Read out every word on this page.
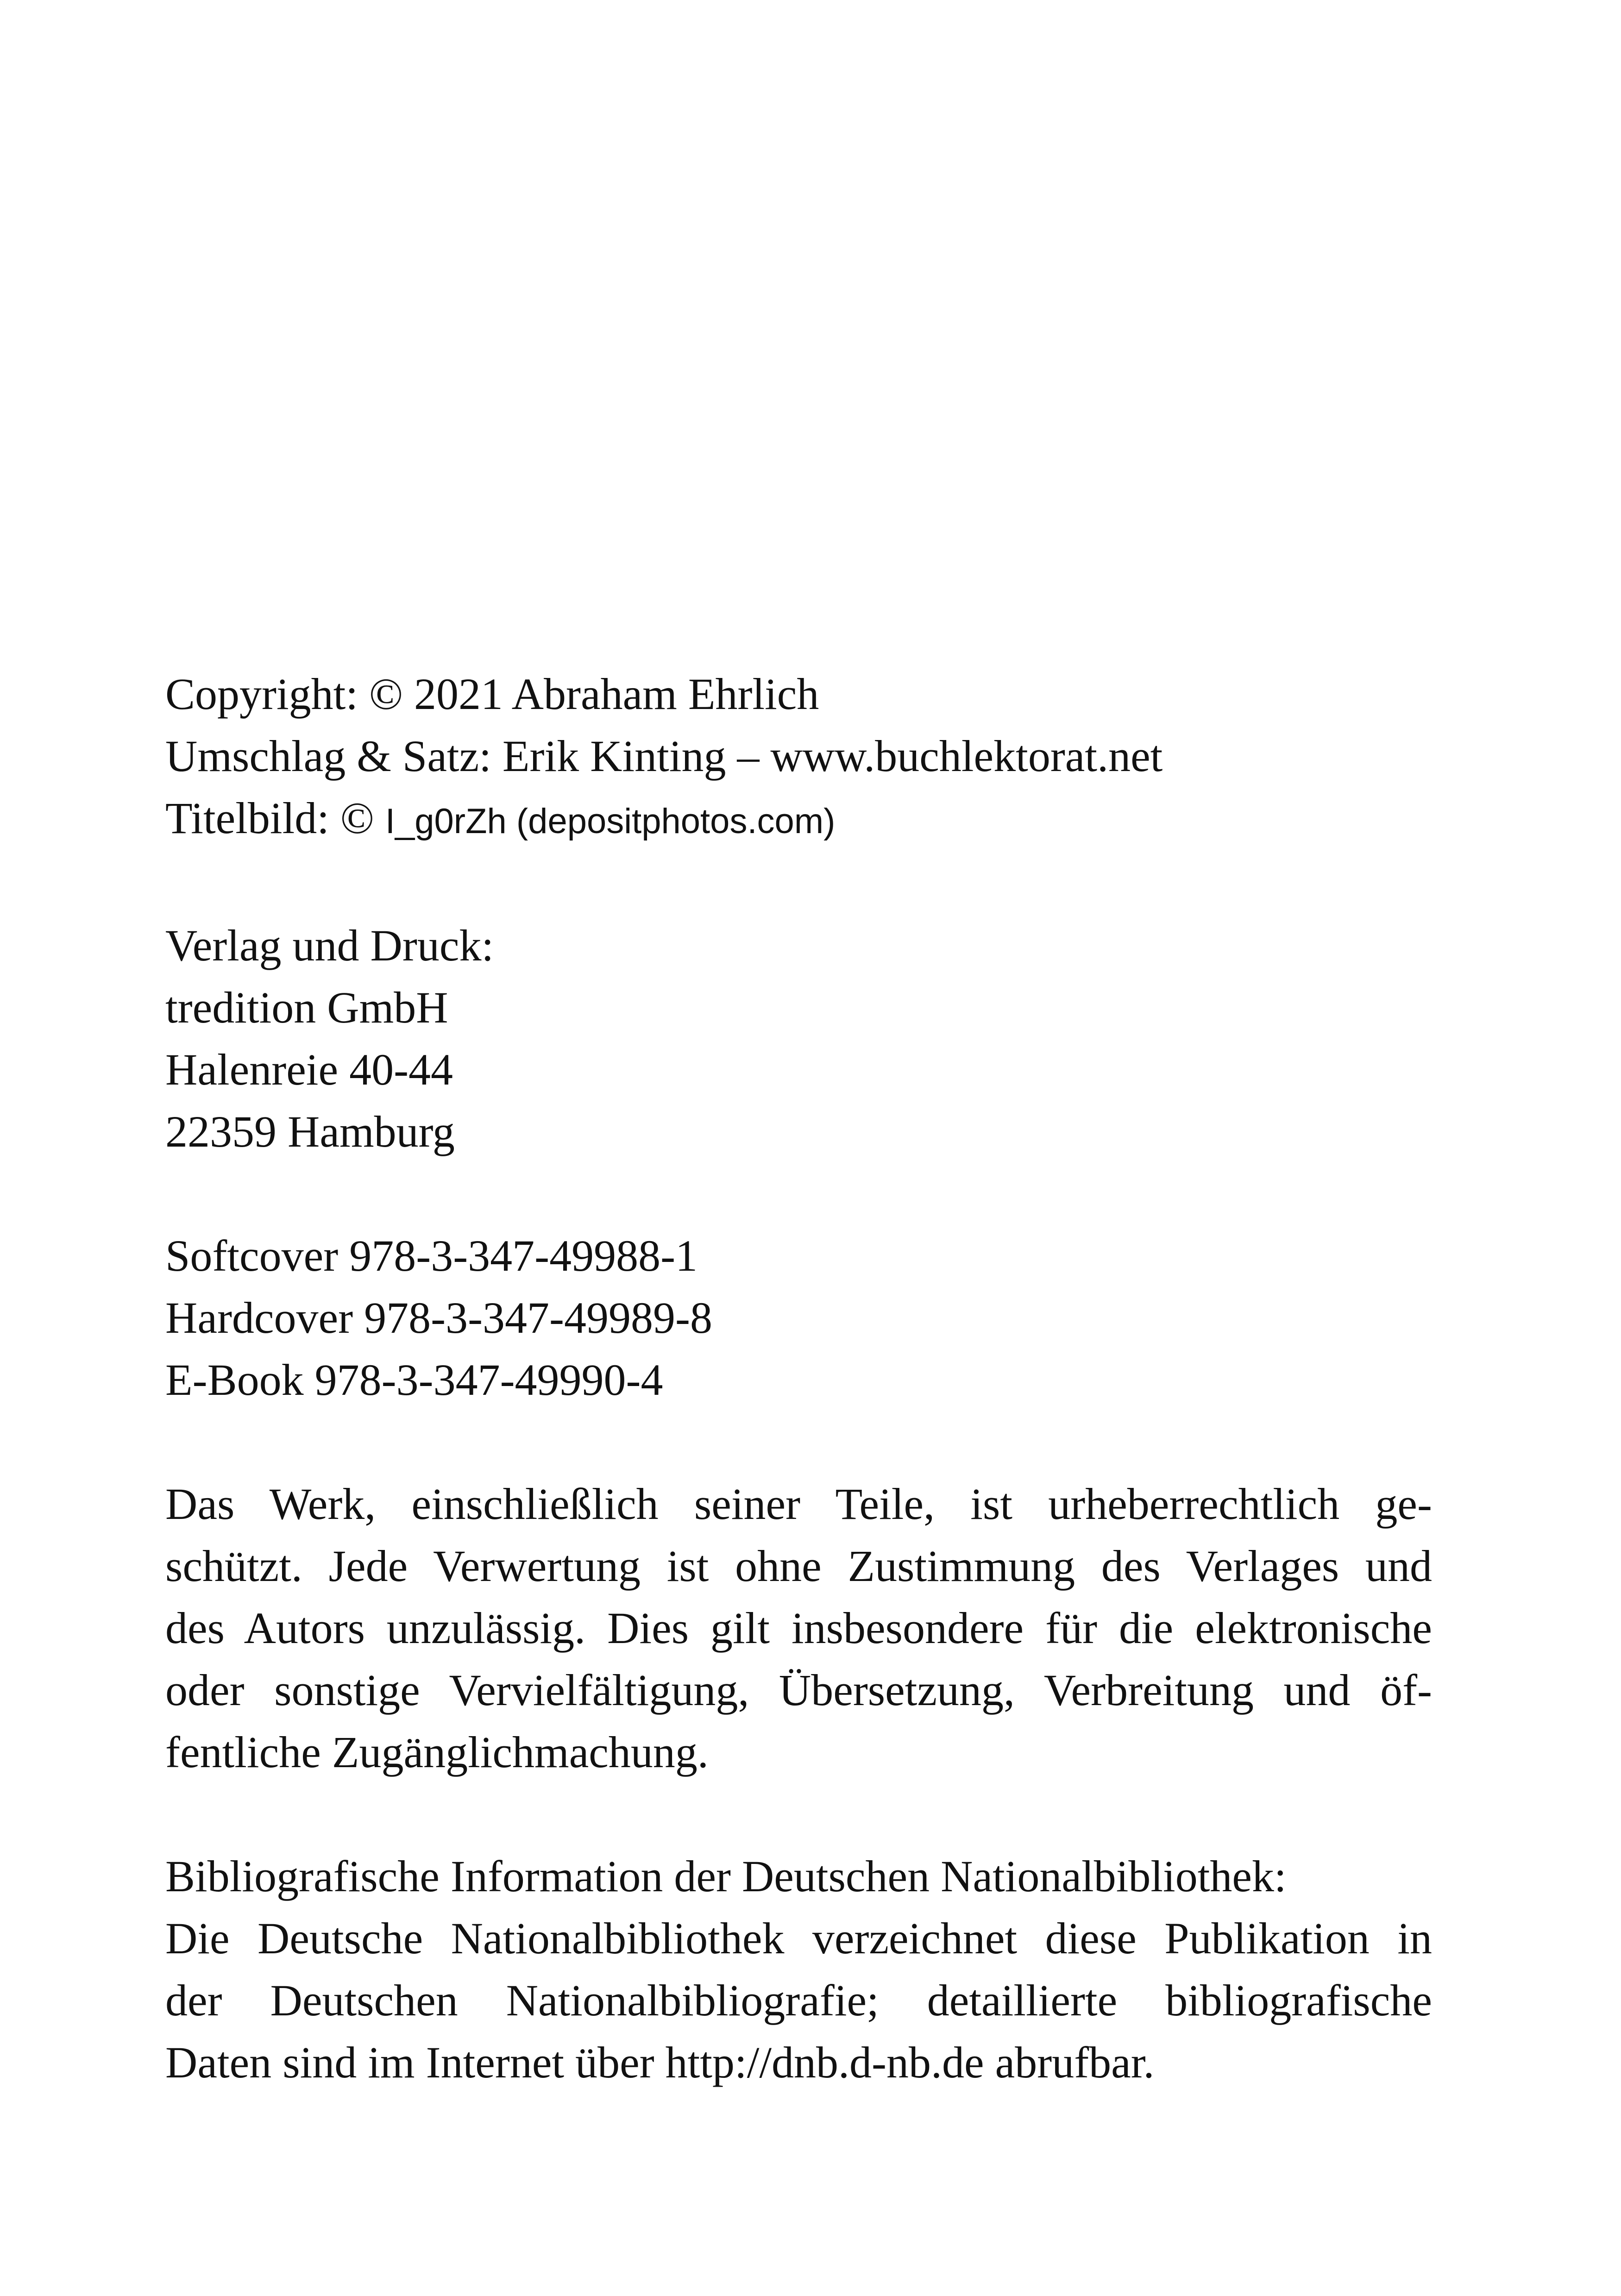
Copyright: © 2021 Abraham Ehrlich
Umschlag & Satz: Erik Kinting – www.buchlektorat.net
Titelbild: © I_g0rZh (depositphotos.com)
Verlag und Druck:
tredition GmbH
Halenreie 40-44
22359 Hamburg
Softcover 978-3-347-49988-1
Hardcover 978-3-347-49989-8
E-Book 978-3-347-49990-4
Das Werk, einschließlich seiner Teile, ist urheberrechtlich ge-
schützt. Jede Verwertung ist ohne Zustimmung des Verlages und
des Autors unzulässig. Dies gilt insbesondere für die elektronische
oder sonstige Vervielfältigung, Übersetzung, Verbreitung und öf-
fentliche Zugänglichmachung.
Bibliografische Information der Deutschen Nationalbibliothek:
Die Deutsche Nationalbibliothek verzeichnet diese Publikation in
der Deutschen Nationalbibliografie; detaillierte bibliografische
Daten sind im Internet über http://dnb.d-nb.de abrufbar.
